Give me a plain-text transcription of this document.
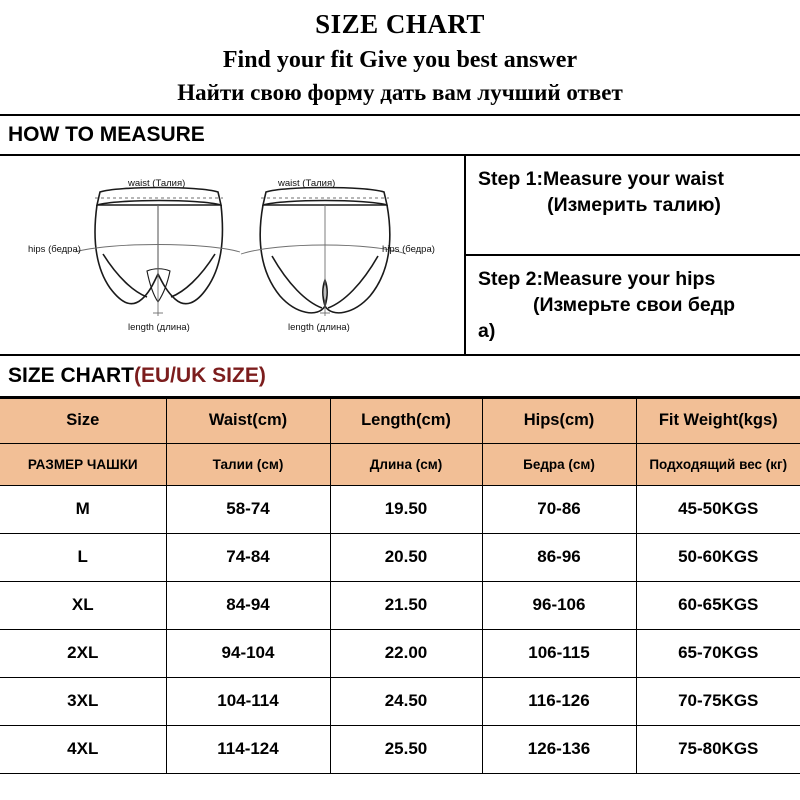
SIZE CHART
Find your fit Give you best answer
Найти свою форму дать вам лучший ответ
HOW TO MEASURE
waist (Талия)	waist (Талия)
hips (бедра)	hips (бедра)
length (длина)	length (длина)
Step 1:Measure your waist
(Измерить талию)
Step 2:Measure your hips
(Измерьте свои бедр
a)
SIZE CHART(EU/UK SIZE)
Size	Waist(cm)	Length(cm)	Hips(cm)	Fit Weight(kgs)
РАЗМЕР ЧАШКИ	Талии (см)	Длина (см)	Бедра (см)	Подходящий вес (кг)
M	58-74	19.50	70-86	45-50KGS
L	74-84	20.50	86-96	50-60KGS
XL	84-94	21.50	96-106	60-65KGS
2XL	94-104	22.00	106-115	65-70KGS
3XL	104-114	24.50	116-126	70-75KGS
4XL	114-124	25.50	126-136	75-80KGS
